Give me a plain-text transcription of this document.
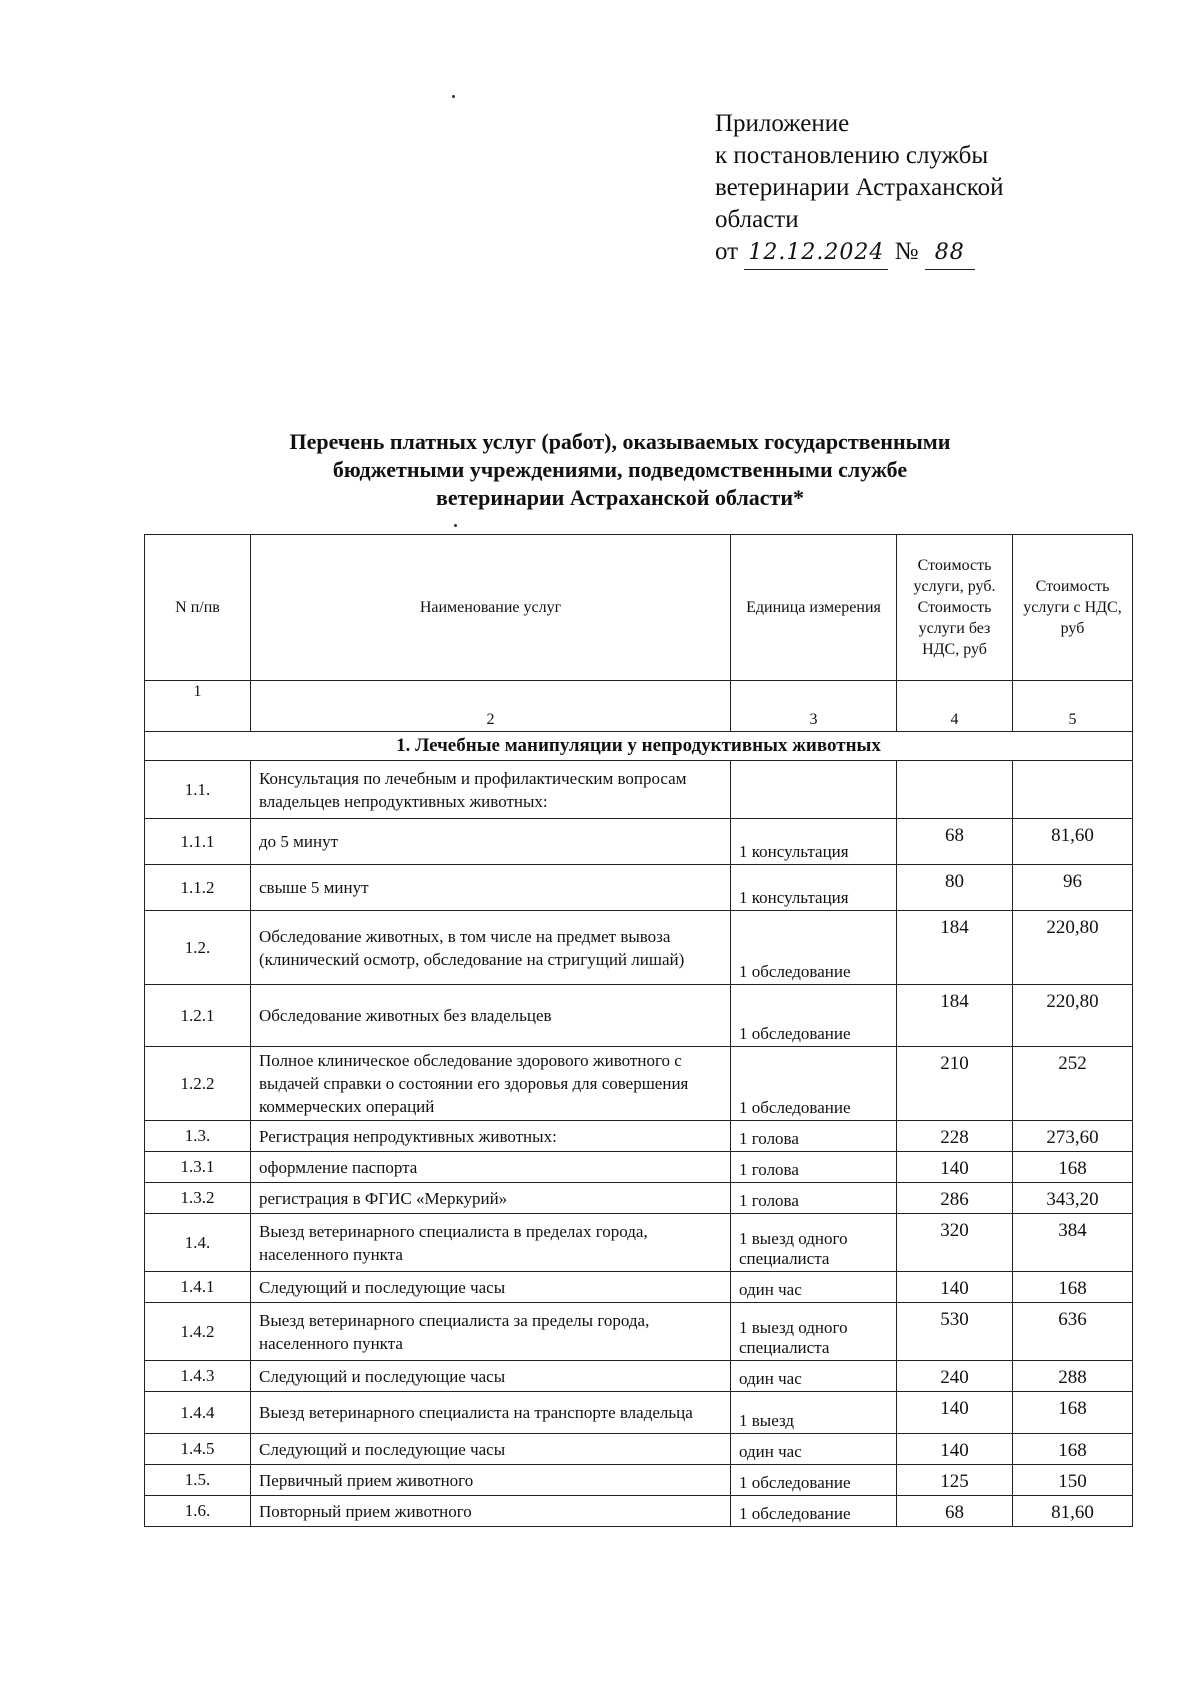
Приложение
к постановлению службы
ветеринарии Астраханской
области
от 12.12.2024 № 88
Перечень платных услуг (работ), оказываемых государственными
бюджетными учреждениями, подведомственными службе
ветеринарии Астраханской области*
N п/пв	Наименование услуг	Единица измерения	Стоимость услуги, руб. Стоимость услуги без НДС, руб	Стоимость услуги с НДС, руб
1	2	3	4	5
1. Лечебные манипуляции у непродуктивных животных				
1.1.	Консультация по лечебным и профилактическим вопросам владельцев непродуктивных животных:			
1.1.1	до 5 минут	1 консультация	68	81,60
1.1.2	свыше 5 минут	1 консультация	80	96
1.2.	Обследование животных, в том числе на предмет вывоза (клинический осмотр, обследование на стригущий лишай)	1 обследование	184	220,80
1.2.1	Обследование животных без владельцев	1 обследование	184	220,80
1.2.2	Полное клиническое обследование здорового животного с выдачей справки о состоянии его здоровья для совершения коммерческих операций	1 обследование	210	252
1.3.	Регистрация непродуктивных животных:	1 голова	228	273,60
1.3.1	оформление паспорта	1 голова	140	168
1.3.2	регистрация в ФГИС «Меркурий»	1 голова	286	343,20
1.4.	Выезд ветеринарного специалиста в пределах города, населенного пункта	1 выезд одного специалиста	320	384
1.4.1	Следующий и последующие часы	один час	140	168
1.4.2	Выезд ветеринарного специалиста за пределы города, населенного пункта	1 выезд одного специалиста	530	636
1.4.3	Следующий и последующие часы	один час	240	288
1.4.4	Выезд ветеринарного специалиста на транспорте владельца	1 выезд	140	168
1.4.5	Следующий и последующие часы	один час	140	168
1.5.	Первичный прием животного	1 обследование	125	150
1.6.	Повторный прием животного	1 обследование	68	81,60
